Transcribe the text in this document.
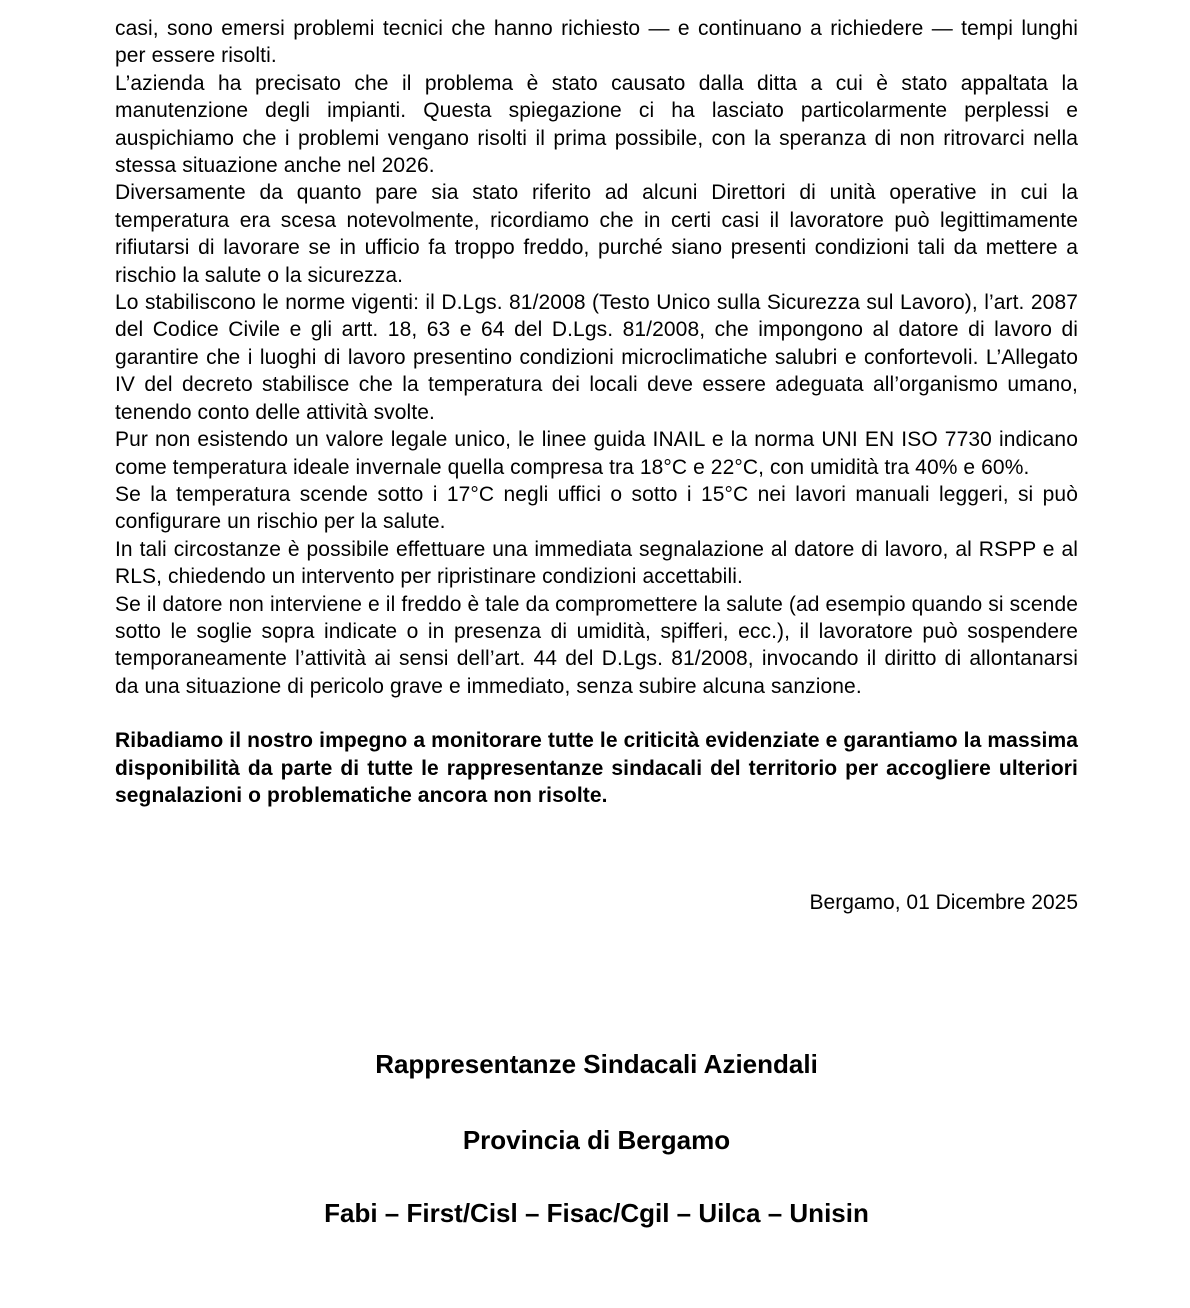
casi, sono emersi problemi tecnici che hanno richiesto — e continuano a richiedere — tempi lunghi per essere risolti.

L’azienda ha precisato che il problema è stato causato dalla ditta a cui è stato appaltata la manutenzione degli impianti. Questa spiegazione ci ha lasciato particolarmente perplessi e auspichiamo che i problemi vengano risolti il prima possibile, con la speranza di non ritrovarci nella stessa situazione anche nel 2026.

Diversamente da quanto pare sia stato riferito ad alcuni Direttori di unità operative in cui la temperatura era scesa notevolmente, ricordiamo che in certi casi il lavoratore può legittimamente rifiutarsi di lavorare se in ufficio fa troppo freddo, purché siano presenti condizioni tali da mettere a rischio la salute o la sicurezza.

Lo stabiliscono le norme vigenti: il D.Lgs. 81/2008 (Testo Unico sulla Sicurezza sul Lavoro), l’art. 2087 del Codice Civile e gli artt. 18, 63 e 64 del D.Lgs. 81/2008, che impongono al datore di lavoro di garantire che i luoghi di lavoro presentino condizioni microclimatiche salubri e confortevoli. L’Allegato IV del decreto stabilisce che la temperatura dei locali deve essere adeguata all’organismo umano, tenendo conto delle attività svolte.

Pur non esistendo un valore legale unico, le linee guida INAIL e la norma UNI EN ISO 7730 indicano come temperatura ideale invernale quella compresa tra 18°C e 22°C, con umidità tra 40% e 60%.

Se la temperatura scende sotto i 17°C negli uffici o sotto i 15°C nei lavori manuali leggeri, si può configurare un rischio per la salute.

In tali circostanze è possibile effettuare una immediata segnalazione al datore di lavoro, al RSPP e al RLS, chiedendo un intervento per ripristinare condizioni accettabili.

Se il datore non interviene e il freddo è tale da compromettere la salute (ad esempio quando si scende sotto le soglie sopra indicate o in presenza di umidità, spifferi, ecc.), il lavoratore può sospendere temporaneamente l’attività ai sensi dell’art. 44 del D.Lgs. 81/2008, invocando il diritto di allontanarsi da una situazione di pericolo grave e immediato, senza subire alcuna sanzione.

Ribadiamo il nostro impegno a monitorare tutte le criticità evidenziate e garantiamo la massima disponibilità da parte di tutte le rappresentanze sindacali del territorio per accogliere ulteriori segnalazioni o problematiche ancora non risolte.

Bergamo, 01 Dicembre 2025

Rappresentanze Sindacali Aziendali
Provincia di Bergamo
Fabi – First/Cisl – Fisac/Cgil – Uilca – Unisin
